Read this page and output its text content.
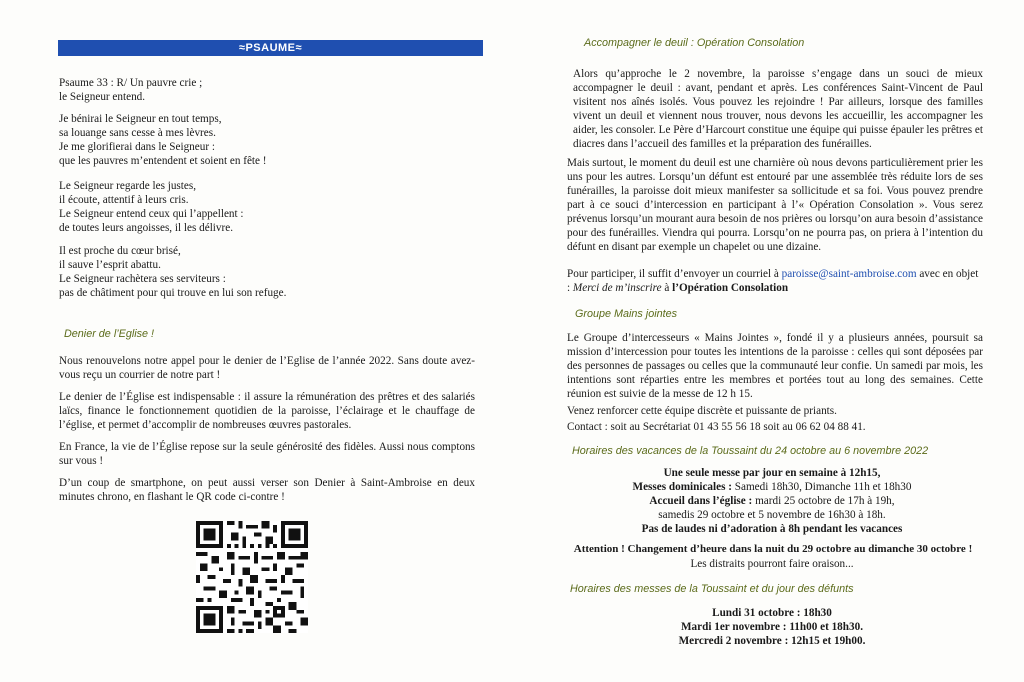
≈PSAUME≈
Psaume 33 : R/ Un pauvre crie ;
le Seigneur entend.
Je bénirai le Seigneur en tout temps,
sa louange sans cesse à mes lèvres.
Je me glorifierai dans le Seigneur :
que les pauvres m’entendent et soient en fête !
Le Seigneur regarde les justes,
il écoute, attentif à leurs cris.
Le Seigneur entend ceux qui l’appellent :
de toutes leurs angoisses, il les délivre.
Il est proche du cœur brisé,
il sauve l’esprit abattu.
Le Seigneur rachètera ses serviteurs :
pas de châtiment pour qui trouve en lui son refuge.
Denier de l’Eglise !
Nous renouvelons notre appel pour le denier de l’Eglise de l’année 2022. Sans doute avez-vous reçu un courrier de notre part !
Le denier de l’Église est indispensable : il assure la rémunération des prêtres et des salariés laïcs, finance le fonctionnement quotidien de la paroisse, l’éclairage et le chauffage de l’église, et permet d’accomplir de nombreuses œuvres pastorales.
En France, la vie de l’Église repose sur la seule générosité des fidèles. Aussi nous comptons sur vous !
D’un coup de smartphone, on peut aussi verser son Denier à Saint-Ambroise en deux minutes chrono, en flashant le QR code ci-contre !
Accompagner le deuil : Opération Consolation
Alors qu’approche le 2 novembre, la paroisse s’engage dans un souci de mieux accompagner le deuil : avant, pendant et après. Les conférences Saint-Vincent de Paul visitent nos aînés isolés. Vous pouvez les rejoindre ! Par ailleurs, lorsque des familles vivent un deuil et viennent nous trouver, nous devons les accueillir, les accompagner les aider, les consoler. Le Père d’Harcourt constitue une équipe qui puisse épauler les prêtres et diacres dans l’accueil des familles et la préparation des funérailles.
Mais surtout, le moment du deuil est une charnière où nous devons particulièrement prier les uns pour les autres. Lorsqu’un défunt est entouré par une assemblée très réduite lors de ses funérailles, la paroisse doit mieux manifester sa sollicitude et sa foi. Vous pouvez prendre part à ce souci d’intercession en participant à l’« Opération Consolation ». Vous serez prévenus lorsqu’un mourant aura besoin de nos prières ou lorsqu’on aura besoin d’assistance pour des funérailles. Viendra qui pourra. Lorsqu’on ne pourra pas, on priera à l’intention du défunt en disant par exemple un chapelet ou une dizaine.
Pour participer, il suffit d’envoyer un courriel à paroisse@saint-ambroise.com avec en objet : Merci de m’inscrire à l’Opération Consolation
Groupe Mains jointes
Le Groupe d’intercesseurs « Mains Jointes », fondé il y a plusieurs années, poursuit sa mission d’intercession pour toutes les intentions de la paroisse : celles qui sont déposées par des personnes de passages ou celles que la communauté leur confie. Un samedi par mois, les intentions sont réparties entre les membres et portées tout au long des semaines. Cette réunion est suivie de la messe de 12 h 15.
Venez renforcer cette équipe discrète et puissante de priants.
Contact : soit au Secrétariat 01 43 55 56 18 soit au 06 62 04 88 41.
Horaires des vacances de la Toussaint du 24 octobre au 6 novembre 2022
Une seule messe par jour en semaine à 12h15,
Messes dominicales : Samedi 18h30, Dimanche 11h et 18h30
Accueil dans l’église : mardi 25 octobre de 17h à 19h,
samedis 29 octobre et 5 novembre de 16h30 à 18h.
Pas de laudes ni d’adoration à 8h pendant les vacances
Attention ! Changement d’heure dans la nuit du 29 octobre au dimanche 30 octobre !
Les distraits pourront faire oraison...
Horaires des messes de la Toussaint et du jour des défunts
Lundi 31 octobre : 18h30
Mardi 1er novembre : 11h00 et 18h30.
Mercredi 2 novembre : 12h15 et 19h00.
